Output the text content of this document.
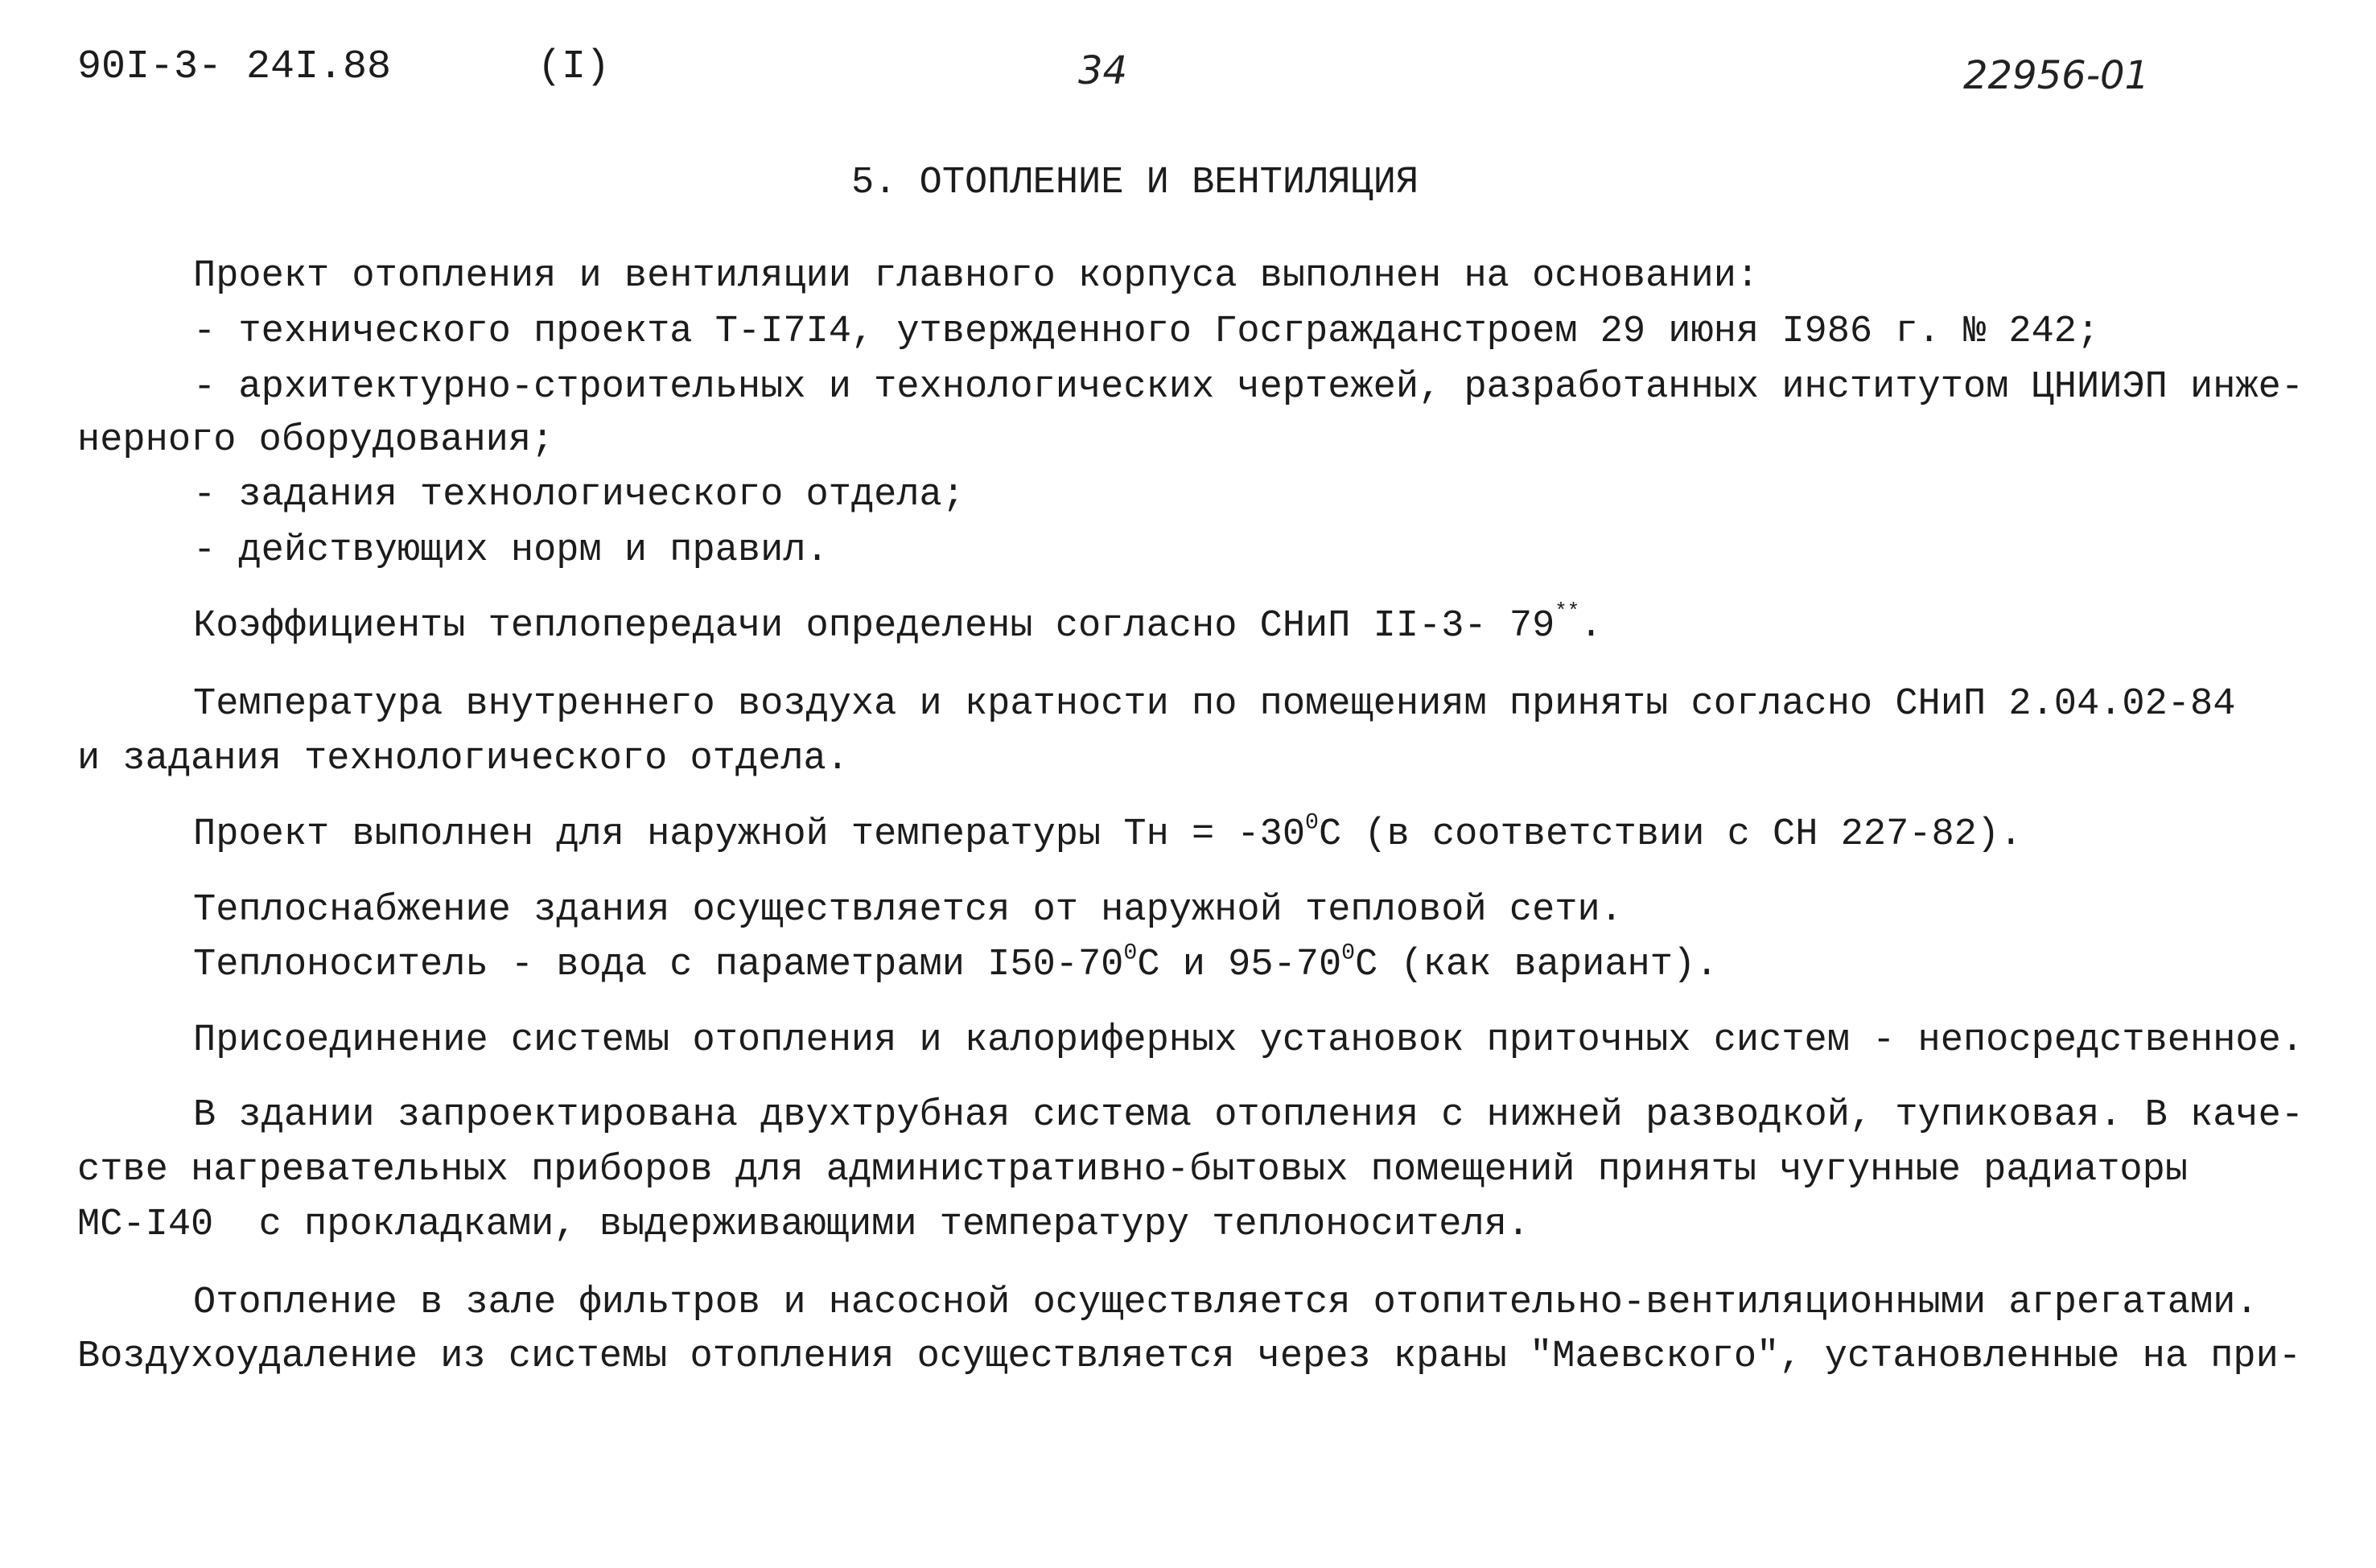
90I-3- 24I.88	(I)	34	22956-01
5. ОТОПЛЕНИЕ И ВЕНТИЛЯЦИЯ
Проект отопления и вентиляции главного корпуса выполнен на основании:
- технического проекта Т-I7I4, утвержденного Госгражданстроем 29 июня I986 г. № 242;
- архитектурно-строительных и технологических чертежей, разработанных институтом ЦНИИЭП инже-
нерного оборудования;
- задания технологического отдела;
- действующих норм и правил.
Коэффициенты теплопередачи определены согласно СНиП II-3- 79**.
Температура внутреннего воздуха и кратности по помещениям приняты согласно СНиП 2.04.02-84
и задания технологического отдела.
Проект выполнен для наружной температуры Тн = $-30^0С$ (в соответствии с СН 227-82).
Теплоснабжение здания осуществляется от наружной тепловой сети.
Теплоноситель - вода с параметрами $I50-70^0С$ и $95-70^0С$ (как вариант).
Присоединение системы отопления и калориферных установок приточных систем - непосредственное.
В здании запроектирована двухтрубная система отопления с нижней разводкой, тупиковая. В каче-
стве нагревательных приборов для административно-бытовых помещений приняты чугунные радиаторы
МС-I40  с прокладками, выдерживающими температуру теплоносителя.
Отопление в зале фильтров и насосной осуществляется отопительно-вентиляционными агрегатами.
Воздухоудаление из системы отопления осуществляется через краны "Маевского", установленные на при-
